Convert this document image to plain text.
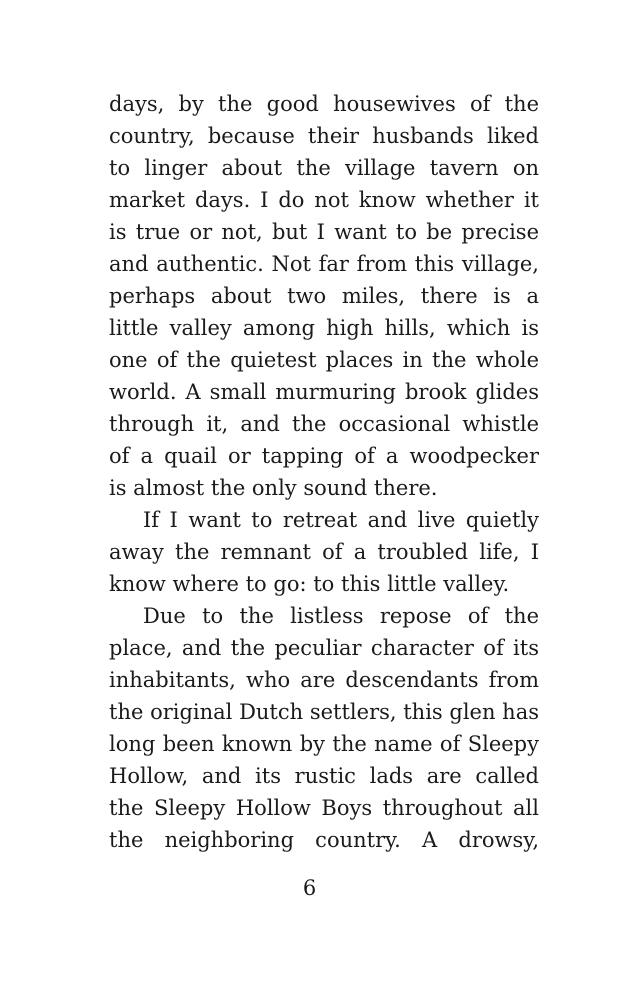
days, by the good housewives of the
country, because their husbands liked
to linger about the village tavern on
market days. I do not know whether it
is true or not, but I want to be precise
and authentic. Not far from this village,
perhaps about two miles, there is a
little valley among high hills, which is
one of the quietest places in the whole
world. A small murmuring brook glides
through it, and the occasional whistle
of a quail or tapping of a woodpecker
is almost the only sound there.
If I want to retreat and live quietly
away the remnant of a troubled life, I
know where to go: to this little valley.
Due to the listless repose of the
place, and the peculiar character of its
inhabitants, who are descendants from
the original Dutch settlers, this glen has
long been known by the name of Sleepy
Hollow, and its rustic lads are called
the Sleepy Hollow Boys throughout all
the neighboring country. A drowsy,
6
